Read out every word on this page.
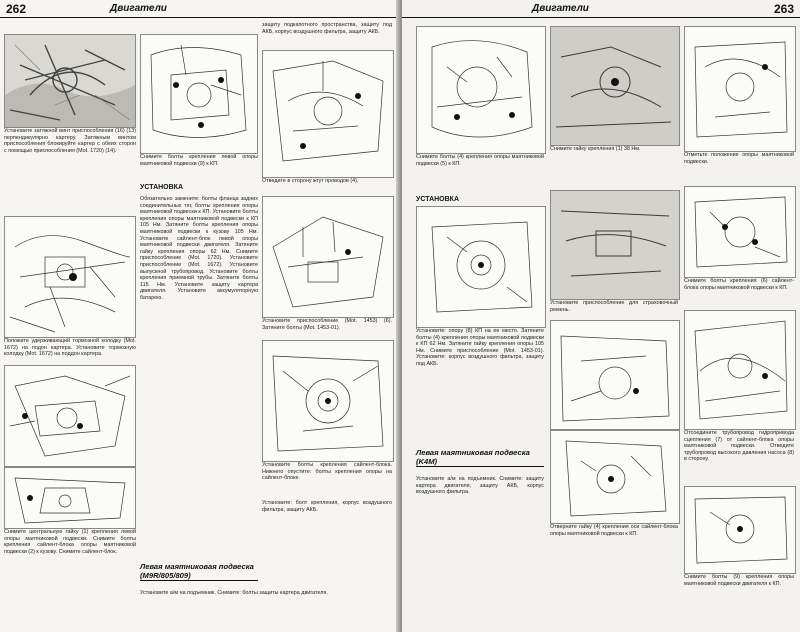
262	Двигатели
Установите затяжной винт приспособления (16) (13) перпендикулярно картеру. Затяжным винтом приспособления блокируйте картер с обеих сторон с помощью приспособления (Mot. 1720) (14).
Положите удерживающий тормозной колодку (Mot. 1672) на подон картера. Установите тормозную колодку (Mot. 1672) на поддон картера.
Снимите центральную гайку (1) крепления левой опоры маятниковой подвески. Снимите болты крепления сайлент-блока опоры маятниковой подвески (2) к кузову. Снимите сайлент-блок.
Снимите болты крепления левой опоры маятниковой подвески (9) к КП.
УСТАНОВКА
Обязательно замените: болты фланца задних соединительных тяг, болты крепления опоры маятниковой подвески к КП. Установите болты крепления опоры маятниковой подвески к КП 105 Нм. Затяните болты крепления опоры маятниковой подвески к кузову 105 Нм. Установите сайлент-блок левой опоры маятниковой подвески двигателя. Затяните гайку крепления опоры 62 Нм. Снимите приспособление (Mot. 1720). Установите приспособление (Mot. 1672). Установите выпускной трубопровод. Установите болты крепления приемной трубы. Затяните болты 115 Нм. Установите защиту картера двигателя. Установите аккумуляторную батарею.
защиту подкапотного пространства, защиту под АКБ, корпус воздушного фильтра, защиту АКБ.
Отведите в сторону жгут проводов (4).
Установите приспособление (Mot. 1453) (6). Затяните болты (Mot. 1453-01).
Установите болты крепления сайлент-блока. Нижнего опустите: болты крепления опоры на сайлент-блоке.
Установите: болт крепления, корпус воздушного фильтра, защиту АКБ.
Левая маятниковая подвеска (M9R/805/809)
Установите а/м на подъемник. Снимите: болты защиты картера двигателя.
Двигатели	263
Снимите болты (4) крепления опоры маятниковой подвески (5) к КП.
УСТАНОВКА
Установите: опору (8) КП на ее место. Затяните болты (4) крепления опоры маятниковой подвески к КП 62 Нм. Затяните гайку крепления опоры 105 Нм. Снимите приспособление (Mot. 1453-01). Установите: корпус воздушного фильтра, защиту под АКБ.
Левая маятниковая подвеска (K4M)
Установите а/м на подъемник. Снимите: защиту картера двигателя, защиту АКБ, корпус воздушного фильтра.
Снимите гайку крепления (1) 38 Нм.
Установите приспособление для страховочный ремень.
Отверните гайку (4) крепления оси сайлент-блока опоры маятниковой подвески к КП.
Отметьте положение опоры маятниковой подвески.
Снимите болты крепления (6) сайлент-блока опоры маятниковой подвески к КП.
Отсоедините трубопровод гидропривода сцепления (7) от сайлент-блока опоры маятниковой подвески. Отведите трубопровод высокого давления насоса (8) в сторону.
Снимите болты (9) крепления опоры маятниковой подвески двигателя к КП.
